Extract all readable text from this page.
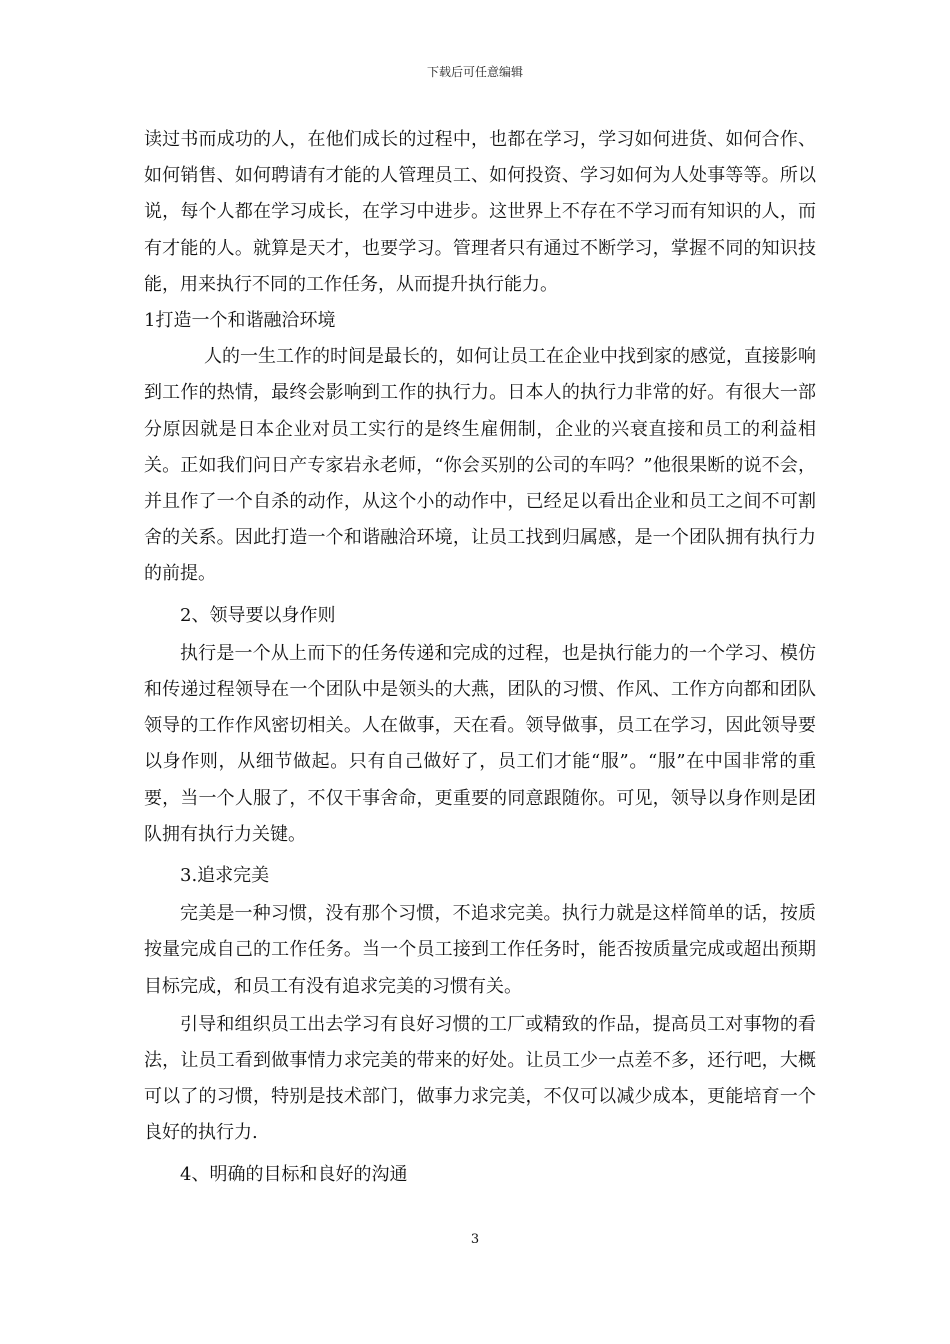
下载后可任意编辑

读过书而成功的人，在他们成长的过程中，也都在学习，学习如何进货、如何合作、如何销售、如何聘请有才能的人管理员工、如何投资、学习如何为人处事等等。所以说，每个人都在学习成长，在学习中进步。这世界上不存在不学习而有知识的人，而有才能的人。就算是天才，也要学习。管理者只有通过不断学习，掌握不同的知识技能，用来执行不同的工作任务，从而提升执行能力。

1打造一个和谐融洽环境

人的一生工作的时间是最长的，如何让员工在企业中找到家的感觉，直接影响到工作的热情，最终会影响到工作的执行力。日本人的执行力非常的好。有很大一部分原因就是日本企业对员工实行的是终生雇佣制，企业的兴衰直接和员工的利益相关。正如我们问日产专家岩永老师，“你会买别的公司的车吗？”他很果断的说不会，并且作了一个自杀的动作，从这个小的动作中，已经足以看出企业和员工之间不可割舍的关系。因此打造一个和谐融洽环境，让员工找到归属感，是一个团队拥有执行力的前提。

2、领导要以身作则

执行是一个从上而下的任务传递和完成的过程，也是执行能力的一个学习、模仿和传递过程领导在一个团队中是领头的大燕，团队的习惯、作风、工作方向都和团队领导的工作作风密切相关。人在做事，天在看。领导做事，员工在学习，因此领导要以身作则，从细节做起。只有自己做好了，员工们才能“服”。“服”在中国非常的重要，当一个人服了，不仅干事舍命，更重要的同意跟随你。可见，领导以身作则是团队拥有执行力关键。

3.追求完美

完美是一种习惯，没有那个习惯，不追求完美。执行力就是这样简单的话，按质按量完成自己的工作任务。当一个员工接到工作任务时，能否按质量完成或超出预期目标完成，和员工有没有追求完美的习惯有关。

引导和组织员工出去学习有良好习惯的工厂或精致的作品，提高员工对事物的看法，让员工看到做事情力求完美的带来的好处。让员工少一点差不多，还行吧，大概可以了的习惯，特别是技术部门，做事力求完美，不仅可以减少成本，更能培育一个良好的执行力.

4、明确的目标和良好的沟通

3
